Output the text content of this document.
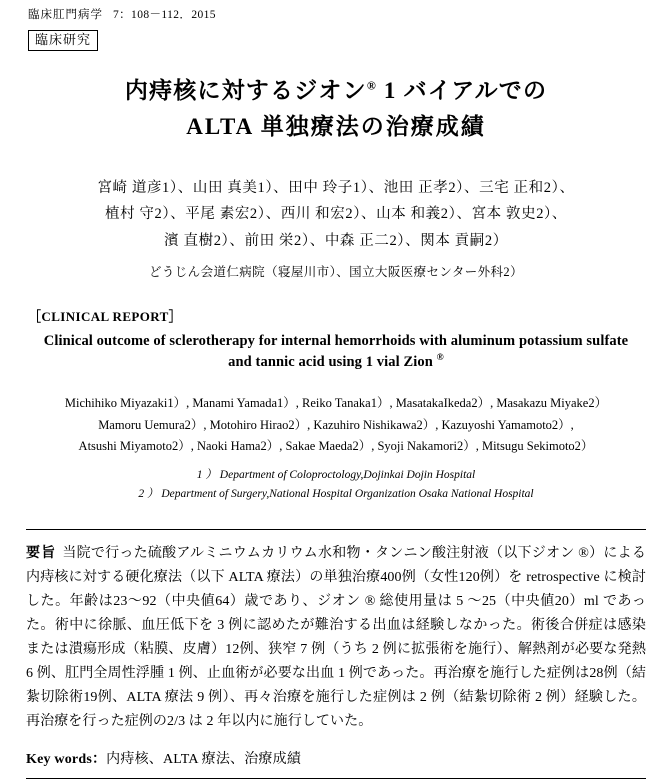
臨床肛門病学 7：108－112．2015
臨床研究
内痔核に対するジオン® 1 バイアルでの
ALTA 単独療法の治療成績
宮崎 道彦1）、山田 真美1）、田中 玲子1）、池田 正孝2）、三宅 正和2）、
植村 守2）、平尾 素宏2）、西川 和宏2）、山本 和義2）、宮本 敦史2）、
濱 直樹2）、前田 栄2）、中森 正二2）、関本 貢嗣2）
どうじん会道仁病院（寝屋川市）、国立大阪医療センター外科2）
［CLINICAL REPORT］
Clinical outcome of sclerotherapy for internal hemorrhoids with aluminum potassium sulfate
and tannic acid using 1 vial Zion ®
Michihiko Miyazaki1）, Manami Yamada1）, Reiko Tanaka1）, MasatakaIkeda2）, Masakazu Miyake2）
Mamoru Uemura2）, Motohiro Hirao2）, Kazuhiro Nishikawa2）, Kazuyoshi Yamamoto2）,
Atsushi Miyamoto2）, Naoki Hama2）, Sakae Maeda2）, Syoji Nakamori2）, Mitsugu Sekimoto2）
1 ） Department of Coloproctology,Dojinkai Dojin Hospital
2 ） Department of Surgery,National Hospital Organization Osaka National Hospital
要旨 当院で行った硫酸アルミニウムカリウム水和物・タンニン酸注射液（以下ジオン ®）による内痔核に対する硬化療法（以下 ALTA 療法）の単独治療400例（女性120例）を retrospective に検討した。年齢は23～92（中央値64）歳であり、ジオン ® 総使用量は 5 ～25（中央値20）ml であった。術中に徐脈、血圧低下を 3 例に認めたが難治する出血は経験しなかった。術後合併症は感染または潰瘍形成（粘膜、皮膚）12例、狭窄 7 例（うち 2 例に拡張術を施行）、解熱剤が必要な発熱 6 例、肛門全周性浮腫 1 例、止血術が必要な出血 1 例であった。再治療を施行した症例は28例（結紮切除術19例、ALTA 療法 9 例）、再々治療を施行した症例は 2 例（結紮切除術 2 例）経験した。再治療を行った症例の2/3 は 2 年以内に施行していた。
Key words：内痔核、ALTA 療法、治療成績
